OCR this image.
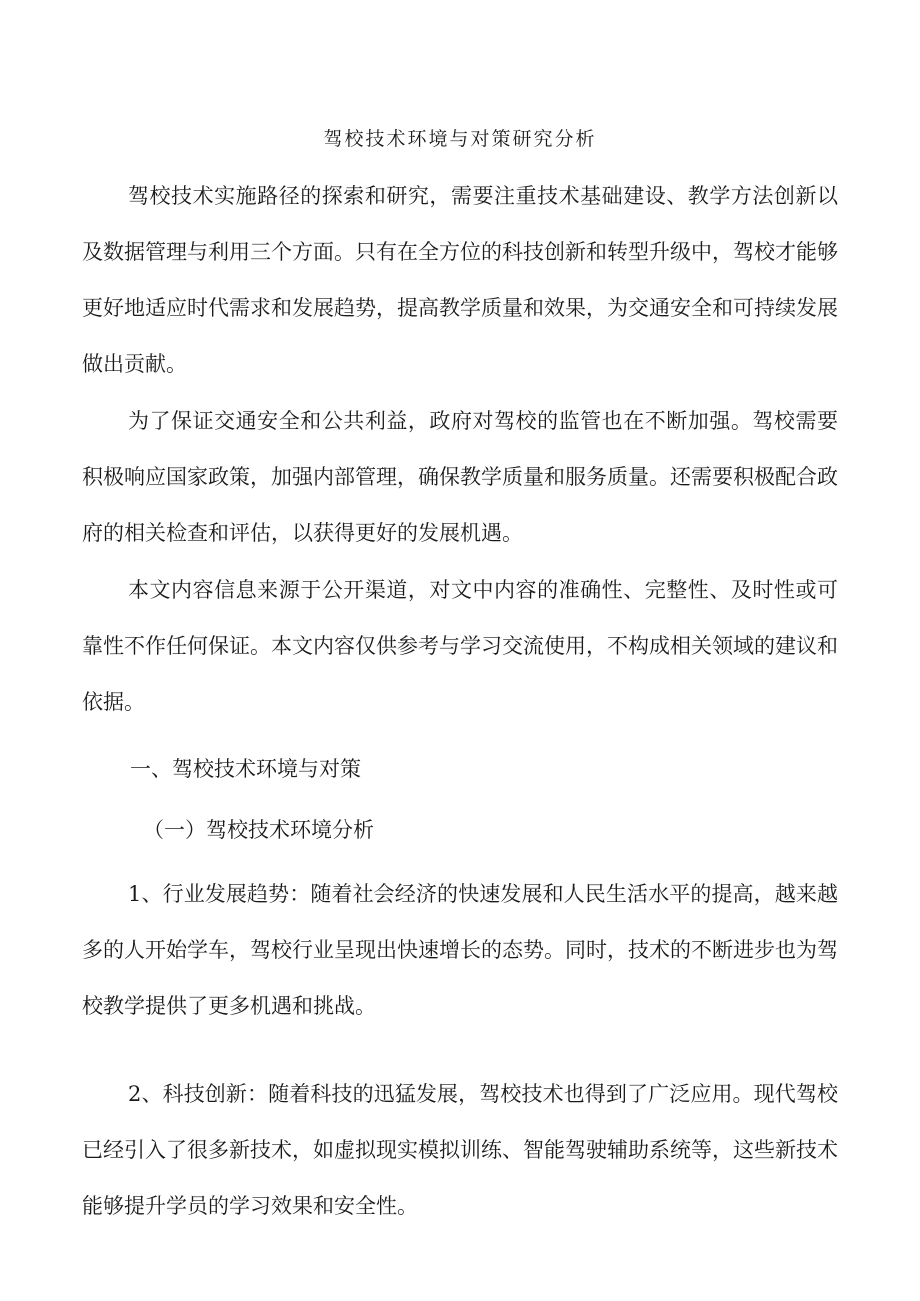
驾校技术环境与对策研究分析

驾校技术实施路径的探索和研究，需要注重技术基础建设、教学方法创新以及数据管理与利用三个方面。只有在全方位的科技创新和转型升级中，驾校才能够更好地适应时代需求和发展趋势，提高教学质量和效果，为交通安全和可持续发展做出贡献。

为了保证交通安全和公共利益，政府对驾校的监管也在不断加强。驾校需要积极响应国家政策，加强内部管理，确保教学质量和服务质量。还需要积极配合政府的相关检查和评估，以获得更好的发展机遇。

本文内容信息来源于公开渠道，对文中内容的准确性、完整性、及时性或可靠性不作任何保证。本文内容仅供参考与学习交流使用，不构成相关领域的建议和依据。

一、驾校技术环境与对策
（一）驾校技术环境分析

1、行业发展趋势：随着社会经济的快速发展和人民生活水平的提高，越来越多的人开始学车，驾校行业呈现出快速增长的态势。同时，技术的不断进步也为驾校教学提供了更多机遇和挑战。

2、科技创新：随着科技的迅猛发展，驾校技术也得到了广泛应用。现代驾校已经引入了很多新技术，如虚拟现实模拟训练、智能驾驶辅助系统等，这些新技术能够提升学员的学习效果和安全性。
